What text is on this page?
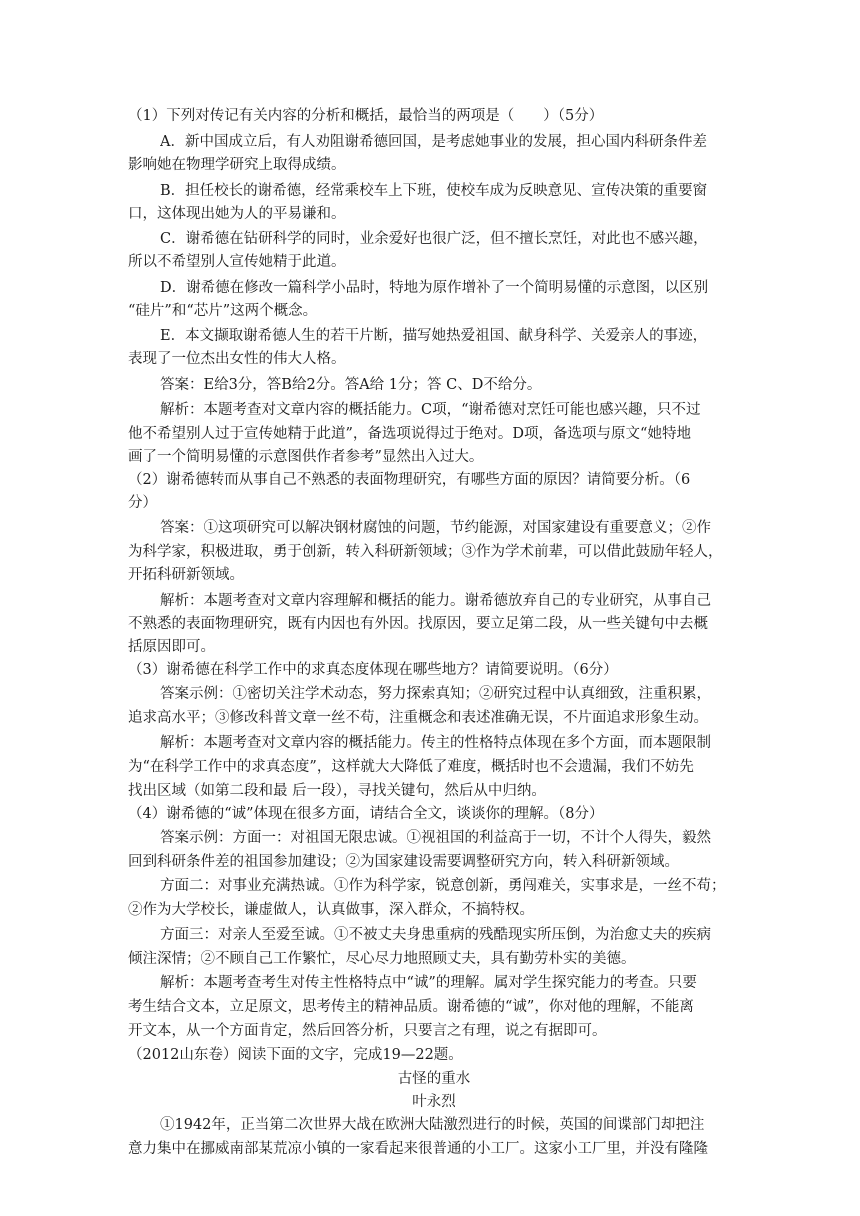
（1）下列对传记有关内容的分析和概括，最恰当的两项是（　　）（5分）
A．新中国成立后，有人劝阻谢希德回国，是考虑她事业的发展，担心国内科研条件差
影响她在物理学研究上取得成绩。
B．担任校长的谢希德，经常乘校车上下班，使校车成为反映意见、宣传决策的重要窗
口，这体现出她为人的平易谦和。
C．谢希德在钻研科学的同时，业余爱好也很广泛，但不擅长烹饪，对此也不感兴趣，
所以不希望别人宣传她精于此道。
D．谢希德在修改一篇科学小品时，特地为原作增补了一个简明易懂的示意图，以区别
“硅片”和“芯片”这两个概念。
E．本文撷取谢希德人生的若干片断，描写她热爱祖国、献身科学、关爱亲人的事迹，
表现了一位杰出女性的伟大人格。
答案：E给3分，答B给2分。答A给 1分；答 C、D不给分。
解析：本题考查对文章内容的概括能力。C项，“谢希德对烹饪可能也感兴趣，只不过
他不希望别人过于宣传她精于此道”，备选项说得过于绝对。D项，备选项与原文“她特地
画了一个简明易懂的示意图供作者参考”显然出入过大。
（2）谢希德转而从事自己不熟悉的表面物理研究，有哪些方面的原因？请简要分析。（6
分）
答案：①这项研究可以解决钢材腐蚀的问题，节约能源，对国家建设有重要意义；②作
为科学家，积极进取，勇于创新，转入科研新领域；③作为学术前辈，可以借此鼓励年轻人，
开拓科研新领域。
解析：本题考查对文章内容理解和概括的能力。谢希德放弃自己的专业研究，从事自己
不熟悉的表面物理研究，既有内因也有外因。找原因，要立足第二段，从一些关键句中去概
括原因即可。
（3）谢希德在科学工作中的求真态度体现在哪些地方？请简要说明。（6分）
答案示例：①密切关注学术动态，努力探索真知；②研究过程中认真细致，注重积累，
追求高水平；③修改科普文章一丝不苟，注重概念和表述准确无误，不片面追求形象生动。
解析：本题考查对文章内容的概括能力。传主的性格特点体现在多个方面，而本题限制
为“在科学工作中的求真态度”，这样就大大降低了难度，概括时也不会遗漏，我们不妨先
找出区域（如第二段和最 后一段），寻找关键句，然后从中归纳。
（4）谢希德的“诚”体现在很多方面，请结合全文，谈谈你的理解。（8分）
答案示例：方面一：对祖国无限忠诚。①视祖国的利益高于一切，不计个人得失，毅然
回到科研条件差的祖国参加建设；②为国家建设需要调整研究方向，转入科研新领域。
方面二：对事业充满热诚。①作为科学家，锐意创新，勇闯难关，实事求是，一丝不苟；
②作为大学校长，谦虚做人，认真做事，深入群众，不搞特权。
方面三：对亲人至爱至诚。①不被丈夫身患重病的残酷现实所压倒，为治愈丈夫的疾病
倾注深情；②不顾自己工作繁忙，尽心尽力地照顾丈夫，具有勤劳朴实的美德。
解析：本题考查考生对传主性格特点中“诚”的理解。属对学生探究能力的考查。只要
考生结合文本，立足原文，思考传主的精神品质。谢希德的“诚”，你对他的理解，不能离
开文本，从一个方面肯定，然后回答分析，只要言之有理，说之有据即可。
（2012山东卷）阅读下面的文字，完成19—22题。
古怪的重水
叶永烈
①1942年，正当第二次世界大战在欧洲大陆激烈进行的时候，英国的间谍部门却把注
意力集中在挪威南部某荒凉小镇的一家看起来很普通的小工厂。这家小工厂里，并没有隆隆
